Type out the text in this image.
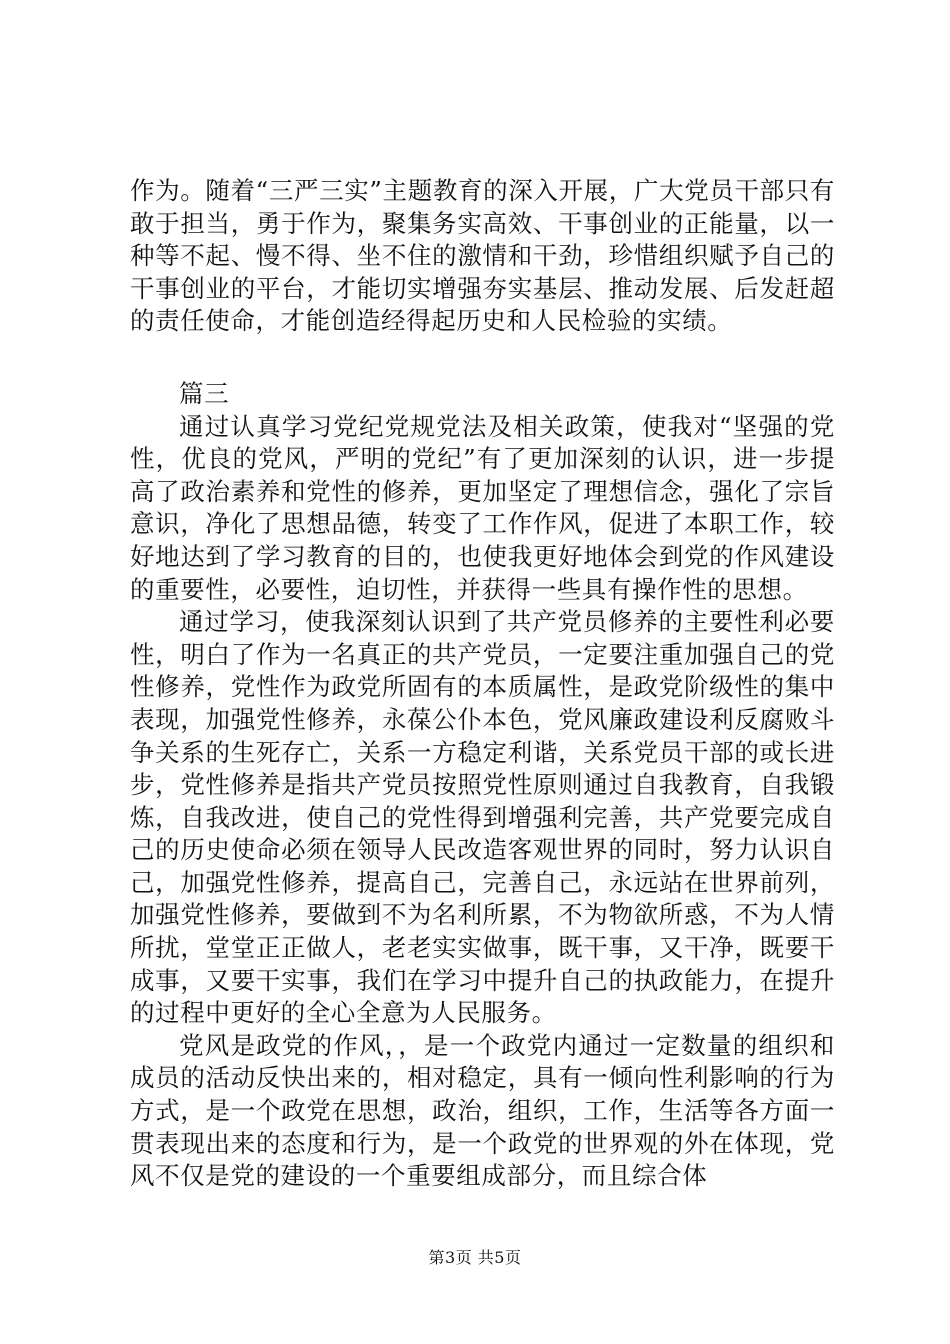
作为。随着“三严三实”主题教育的深入开展，广大党员干部只有敢于担当，勇于作为，聚集务实高效、干事创业的正能量，以一种等不起、慢不得、坐不住的激情和干劲，珍惜组织赋予自己的干事创业的平台，才能切实增强夯实基层、推动发展、后发赶超的责任使命，才能创造经得起历史和人民检验的实绩。

篇三

通过认真学习党纪党规党法及相关政策，使我对“坚强的党性，优良的党风，严明的党纪”有了更加深刻的认识，进一步提高了政治素养和党性的修养，更加坚定了理想信念，强化了宗旨意识，净化了思想品德，转变了工作作风，促进了本职工作，较好地达到了学习教育的目的，也使我更好地体会到党的作风建设的重要性，必要性，迫切性，并获得一些具有操作性的思想。

通过学习，使我深刻认识到了共产党员修养的主要性利必要性，明白了作为一名真正的共产党员，一定要注重加强自己的党性修养，党性作为政党所固有的本质属性，是政党阶级性的集中表现，加强党性修养，永葆公仆本色，党风廉政建设利反腐败斗争关系的生死存亡，关系一方稳定利谐，关系党员干部的或长进步，党性修养是指共产党员按照党性原则通过自我教育，自我锻炼，自我改进，使自己的党性得到增强利完善，共产党要完成自己的历史使命必须在领导人民改造客观世界的同时，努力认识自己，加强党性修养，提高自己，完善自己，永远站在世界前列，加强党性修养，要做到不为名利所累，不为物欲所惑，不为人情所扰，堂堂正正做人，老老实实做事，既干事，又干净，既要干成事，又要干实事，我们在学习中提升自己的执政能力，在提升的过程中更好的全心全意为人民服务。

党风是政党的作风，，是一个政党内通过一定数量的组织和成员的活动反快出来的，相对稳定，具有一倾向性利影响的行为方式，是一个政党在思想，政治，组织，工作，生活等各方面一贯表现出来的态度和行为，是一个政党的世界观的外在体现，党风不仅是党的建设的一个重要组成部分，而且综合体

第3页 共5页
